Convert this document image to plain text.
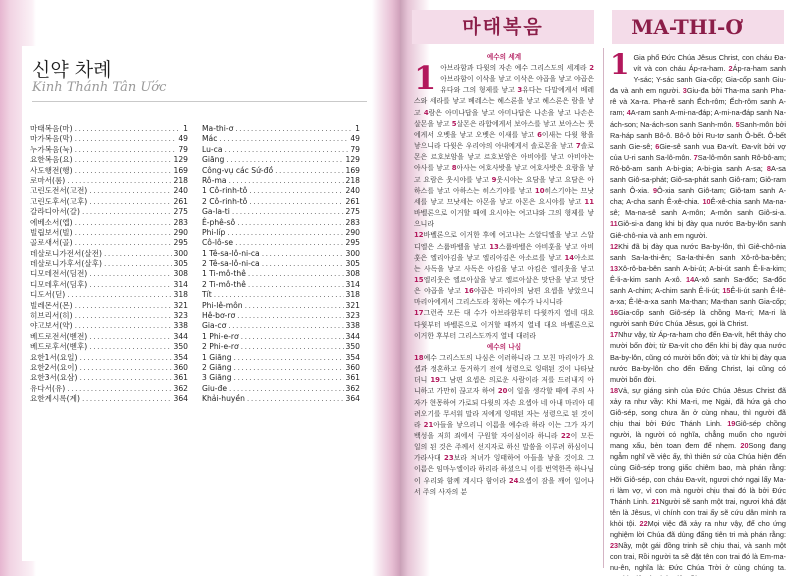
신약 차례
Kinh Thánh Tân Ước
마태복음(마) .....	1
마가복음(막) .....	49
누가복음(눅) .....	79
요한복음(요) .....	129
사도행전(행) .....	169
로마서(롬) .....	218
고린도전서(고전) .....	240
고린도후서(고후) .....	261
갈라디아서(갈) .....	275
에베소서(엡) .....	283
빌립보서(빌) .....	290
골로새서(골) .....	295
데살로니가전서(살전) .....	300
데살로니가후서(살후) .....	305
디모데전서(딤전) .....	308
디모데후서(딤후) .....	314
디도서(딛) .....	318
빌레몬서(몬) .....	321
히브리서(히) .....	323
야고보서(약) .....	338
베드로전서(벧전) .....	344
베드로후서(벧후) .....	350
요한1서(요일) .....	354
요한2서(요이) .....	360
요한3서(요삼) .....	361
유다서(유) .....	362
요한계시록(계) .....	364
Ma-thi-ơ .....	1
Mác .....	49
Lu-ca .....	79
Giăng .....	129
Công-vụ các Sứ-đồ .....	169
Rô-ma .....	218
1 Cô-rinh-tô .....	240
2 Cô-rinh-tô .....	261
Ga-la-ti .....	275
Ê-phê-sô .....	283
Phi-líp .....	290
Cô-lô-se .....	295
1 Tê-sa-lô-ni-ca .....	300
2 Tê-sa-lô-ni-ca .....	305
1 Ti-mô-thê .....	308
2 Ti-mô-thê .....	314
Tít .....	318
Phi-lê-môn .....	321
Hê-bơ-rơ .....	323
Gia-cơ .....	338
1 Phi-e-rơ .....	344
2 Phi-e-rơ .....	350
1 Giăng .....	354
2 Giăng .....	360
3 Giăng .....	361
Giu-đe .....	362
Khải-huyền .....	364
마태복음	MA-THI-Ơ
예수의 세계
1 아브라함과 다윗의 자손 예수 그리스도의 세계라 2아브라함이 이삭을 낳고 이삭은 야곱을 낳고 야곱은 유다와 그의 형제를 낳고 3유다는 다말에게서 베레스와 세라를 낳고 베레스는 헤스론을 낳고 헤스론은 람을 낳고 4람은 아미나답을 낳고 아미나답은 나손을 낳고 나손은 살몬을 낳고 5살몬은 라합에게서 보아스를 낳고 보아스는 룻에게서 오벳을 낳고 오벳은 이새를 낳고 6이새는 다윗 왕을 낳으니라 다윗은 우리야의 아내에게서 솔로몬을 낳고 7솔로몬은 르호보암을 낳고 르호보암은 아비야를 낳고 아비야는 아사를 낳고 8아사는 여호사밧을 낳고 여호사밧은 요람을 낳고 요람은 웃시야를 낳고 9웃시야는 요담을 낳고 요담은 아하스를 낳고 아하스는 히스기야를 낳고 10히스기야는 므낫세를 낳고 므낫세는 아몬을 낳고 아몬은 요시야를 낳고 11바벨론으로 이거할 때에 요시야는 여고냐와 그의 형제를 낳으니라
12바벨론으로 이거한 후에 여고냐는 스알디엘을 낳고 스알디엘은 스룹바벨을 낳고 13스룹바벨은 아비훗을 낳고 아비훗은 엘리아김을 낳고 엘리아김은 아소르를 낳고 14아소르는 사독을 낳고 사독은 아킴을 낳고 아킴은 엘리웃을 낳고 15엘리웃은 엘르아살을 낳고 엘르아살은 맛단을 낳고 맛단은 야곱을 낳고 16야곱은 마리아의 남편 요셉을 낳았으니 마리아에게서 그리스도라 칭하는 예수가 나시니라
17그런즉 모든 대 수가 아브라함부터 다윗까지 열네 대요 다윗부터 바벨론으로 이거할 때까지 열네 대요 바벨론으로 이거한 후부터 그리스도까지 열네 대러라
예수의 나심
18예수 그리스도의 나심은 이러하니라 그 모친 마리아가 요셉과 정혼하고 동거하기 전에 성령으로 잉태된 것이 나타났더니 19그 남편 요셉은 의로운 사람이라 저를 드러내지 아니하고 가만히 끊고자 하여 20이 일을 생각할 때에 주의 사자가 현몽하여 가로되 다윗의 자손 요셉아 네 아내 마리아 데려오기를 무서워 말라 저에게 잉태된 자는 성령으로 된 것이라 21아들을 낳으리니 이름을 예수라 하라 이는 그가 자기 백성을 저희 죄에서 구원할 자이심이라 하니라 22이 모든 일의 된 것은 주께서 선지자로 하신 말씀을 이루려 하심이니 가라사대 23보라 처녀가 잉태하여 아들을 낳을 것이요 그 이름은 임마누엘이라 하리라 하셨으니 이를 번역한즉 하나님이 우리와 함께 계시다 함이라 24요셉이 잠을 깨어 일어나서 주의 사자의 분
1 Gia phổ Đức Chúa Jêsus Christ, con cháu Đa-vít và con cháu Áp-ra-ham. 2Áp-ra-ham sanh Y-sác; Y-sác sanh Gia-cốp; Gia-cốp sanh Giu-đa và anh em người. 3Giu-đa bởi Tha-ma sanh Pha-rê và Xa-ra. Pha-rê sanh Ếch-rôm; Ếch-rôm sanh A-ram; 4A-ram sanh A-mi-na-đáp; A-mi-na-đáp sanh Na-ách-son; Na-ách-son sanh Sanh-môn. 5Sanh-môn bởi Ra-háp sanh Bô-ô. Bô-ô bởi Ru-tơ sanh Ô-bết. Ô-bết sanh Gie-sê; 6Gie-sê sanh vua Đa-vít. Đa-vít bởi vợ của U-ri sanh Sa-lô-môn. 7Sa-lô-môn sanh Rô-bô-am; Rô-bô-am sanh A-bi-gia; A-bi-gia sanh A-sa; 8A-sa sanh Giô-sa-phát; Giô-sa-phát sanh Giô-ram; Giô-ram sanh Ô-xia. 9Ô-xia sanh Giô-tam; Giô-tam sanh A-cha; A-cha sanh Ê-xê-chia. 10Ê-xê-chia sanh Ma-na-sê; Ma-na-sê sanh A-môn; A-môn sanh Giô-si-a. 11Giô-si-a đang khi bị đày qua nước Ba-by-lôn sanh Giê-chô-nia và anh em người.
12Khi đã bị đày qua nước Ba-by-lôn, thì Giê-chô-nia sanh Sa-la-thi-ên; Sa-la-thi-ên sanh Xô-rô-ba-bên; 13Xô-rô-ba-bên sanh A-bi-út; A-bi-út sanh Ê-li-a-kim; Ê-li-a-kim sanh A-xô. 14A-xô sanh Sa-đốc; Sa-đốc sanh A-chim; A-chim sanh Ê-li-út; 15Ê-li-út sanh Ê-lê-a-xa; Ê-lê-a-xa sanh Ma-than; Ma-than sanh Gia-cốp; 16Gia-cốp sanh Giô-sép là chồng Ma-ri; Ma-ri là người sanh Đức Chúa Jêsus, gọi là Christ.
17Như vậy, từ Áp-ra-ham cho đến Đa-vít, hết thảy cho mười bốn đời; từ Đa-vít cho đến khi bị đày qua nước Ba-by-lôn, cũng có mười bốn đời; và từ khi bị đày qua nước Ba-by-lôn cho đến Đấng Christ, lại cũng có mười bốn đời.
18Vả, sự giáng sinh của Đức Chúa Jêsus Christ đã xảy ra như vầy: Khi Ma-ri, mẹ Ngài, đã hứa gả cho Giô-sép, song chưa ăn ở cùng nhau, thì người đã chịu thai bởi Đức Thánh Linh. 19Giô-sép chồng người, là người có nghĩa, chẳng muốn cho người mang xấu, bèn toan đem để nhẹm. 20Song đang ngẫm nghĩ về việc ấy, thì thiên sứ của Chúa hiện đến cùng Giô-sép trong giấc chiêm bao, mà phán rằng: Hỡi Giô-sép, con cháu Đa-vít, ngươi chớ ngại lấy Ma-ri làm vợ, vì con mà người chịu thai đó là bởi Đức Thánh Linh. 21Người sẽ sanh một trai, ngươi khá đặt tên là Jêsus, vì chính con trai ấy sẽ cứu dân mình ra khỏi tội. 22Mọi việc đã xảy ra như vậy, để cho ứng nghiệm lời Chúa đã dùng đấng tiên tri mà phán rằng: 23Nầy, một gái đồng trinh sẽ chịu thai, và sanh một con trai, Rồi người ta sẽ đặt tên con trai đó là Em-ma-nu-ên, nghĩa là: Đức Chúa Trời ở cùng chúng ta.
